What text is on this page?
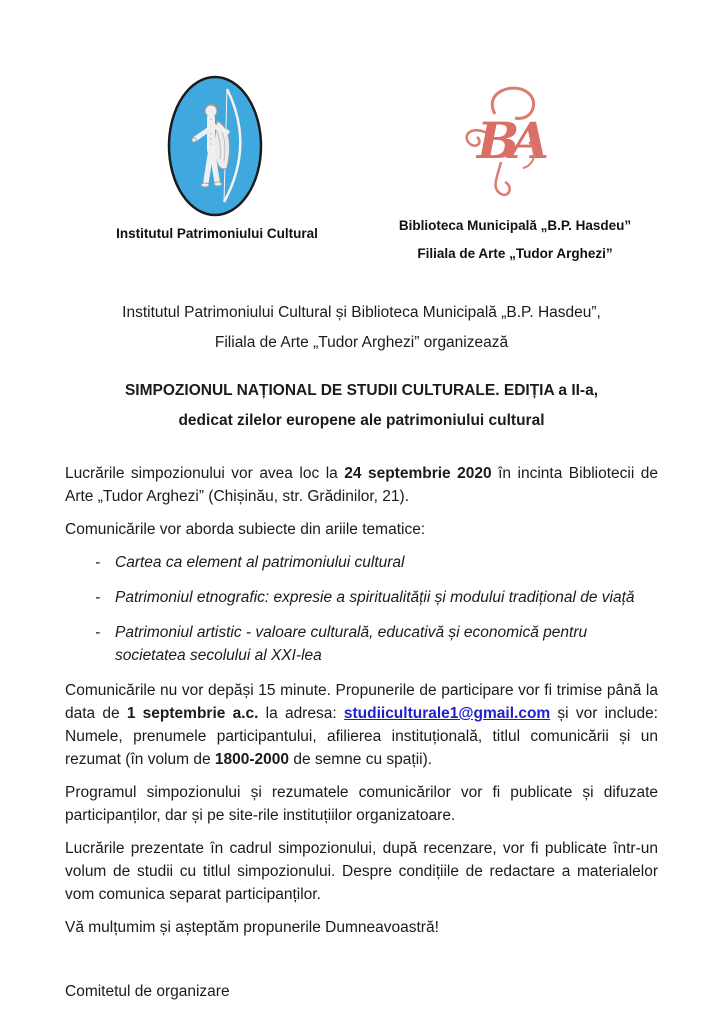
Institutul Patrimoniului Cultural
BA
Biblioteca Municipală „B.P. Hasdeu”
Filiala de Arte „Tudor Arghezi”
Institutul Patrimoniului Cultural și Biblioteca Municipală „B.P. Hasdeu”,
Filiala de Arte „Tudor Arghezi” organizează
SIMPOZIONUL NAȚIONAL DE STUDII CULTURALE. EDIȚIA a II-a,
dedicat zilelor europene ale patrimoniului cultural

Lucrările simpozionului vor avea loc la 24 septembrie 2020 în incinta Bibliotecii de Arte „Tudor Arghezi” (Chișinău, str. Grădinilor, 21).

Comunicările vor aborda subiecte din ariile tematice:

- Cartea ca element al patrimoniului cultural
- Patrimoniul etnografic: expresie a spiritualității și modului tradițional de viață
- Patrimoniul artistic - valoare culturală, educativă și economică pentru societatea secolului al XXI-lea

Comunicările nu vor depăși 15 minute. Propunerile de participare vor fi trimise până la data de 1 septembrie a.c. la adresa: studiiculturale1@gmail.com și vor include: Numele, prenumele participantului, afilierea instituțională, titlul comunicării și un rezumat (în volum de 1800-2000 de semne cu spații).

Programul simpozionului și rezumatele comunicărilor vor fi publicate și difuzate participanților, dar și pe site-rile instituțiilor organizatoare.

Lucrările prezentate în cadrul simpozionului, după recenzare, vor fi publicate într-un volum de studii cu titlul simpozionului. Despre condițiile de redactare a materialelor vom comunica separat participanților.

Vă mulțumim și așteptăm propunerile Dumneavoastră!

Comitetul de organizare
